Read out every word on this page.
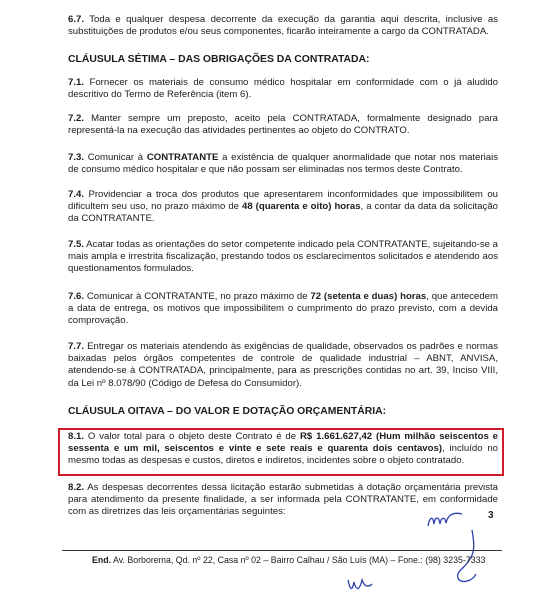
6.7. Toda e qualquer despesa decorrente da execução da garantia aqui descrita, inclusive as substituições de produtos e/ou seus componentes, ficarão inteiramente a cargo da CONTRATADA.

CLÁUSULA SÉTIMA – DAS OBRIGAÇÕES DA CONTRATADA:

7.1. Fornecer os materiais de consumo médico hospitalar em conformidade com o já aludido descritivo do Termo de Referência (item 6).

7.2. Manter sempre um preposto, aceito pela CONTRATADA, formalmente designado para representá-la na execução das atividades pertinentes ao objeto do CONTRATO.

7.3. Comunicar à CONTRATANTE a existência de qualquer anormalidade que notar nos materiais de consumo médico hospitalar e que não possam ser eliminadas nos termos deste Contrato.

7.4. Providenciar a troca dos produtos que apresentarem inconformidades que impossibilitem ou dificultem seu uso, no prazo máximo de 48 (quarenta e oito) horas, a contar da data da solicitação da CONTRATANTE.

7.5. Acatar todas as orientações do setor competente indicado pela CONTRATANTE, sujeitando-se a mais ampla e irrestrita fiscalização, prestando todos os esclarecimentos solicitados e atendendo aos questionamentos formulados.

7.6. Comunicar à CONTRATANTE, no prazo máximo de 72 (setenta e duas) horas, que antecedem a data de entrega, os motivos que impossibilitem o cumprimento do prazo previsto, com a devida comprovação.

7.7. Entregar os materiais atendendo às exigências de qualidade, observados os padrões e normas baixadas pelos órgãos competentes de controle de qualidade industrial – ABNT, ANVISA, atendendo-se à CONTRATADA, principalmente, para as prescrições contidas no art. 39, Inciso VIII, da Lei nº 8.078/90 (Código de Defesa do Consumidor).

CLÁUSULA OITAVA – DO VALOR E DOTAÇÃO ORÇAMENTÁRIA:

8.1. O valor total para o objeto deste Contrato é de R$ 1.661.627,42 (Hum milhão seiscentos e sessenta e um mil, seiscentos e vinte e sete reais e quarenta dois centavos), incluído no mesmo todas as despesas e custos, diretos e indiretos, incidentes sobre o objeto contratado.

8.2. As despesas decorrentes dessa licitação estarão submetidas à dotação orçamentária prevista para atendimento da presente finalidade, a ser informada pela CONTRATANTE, em conformidade com as diretrizes das leis orçamentárias seguintes:	3

End. Av. Borborema, Qd. nº 22, Casa nº 02 – Bairro Calhau / São Luís (MA) – Fone.: (98) 3235-7333
